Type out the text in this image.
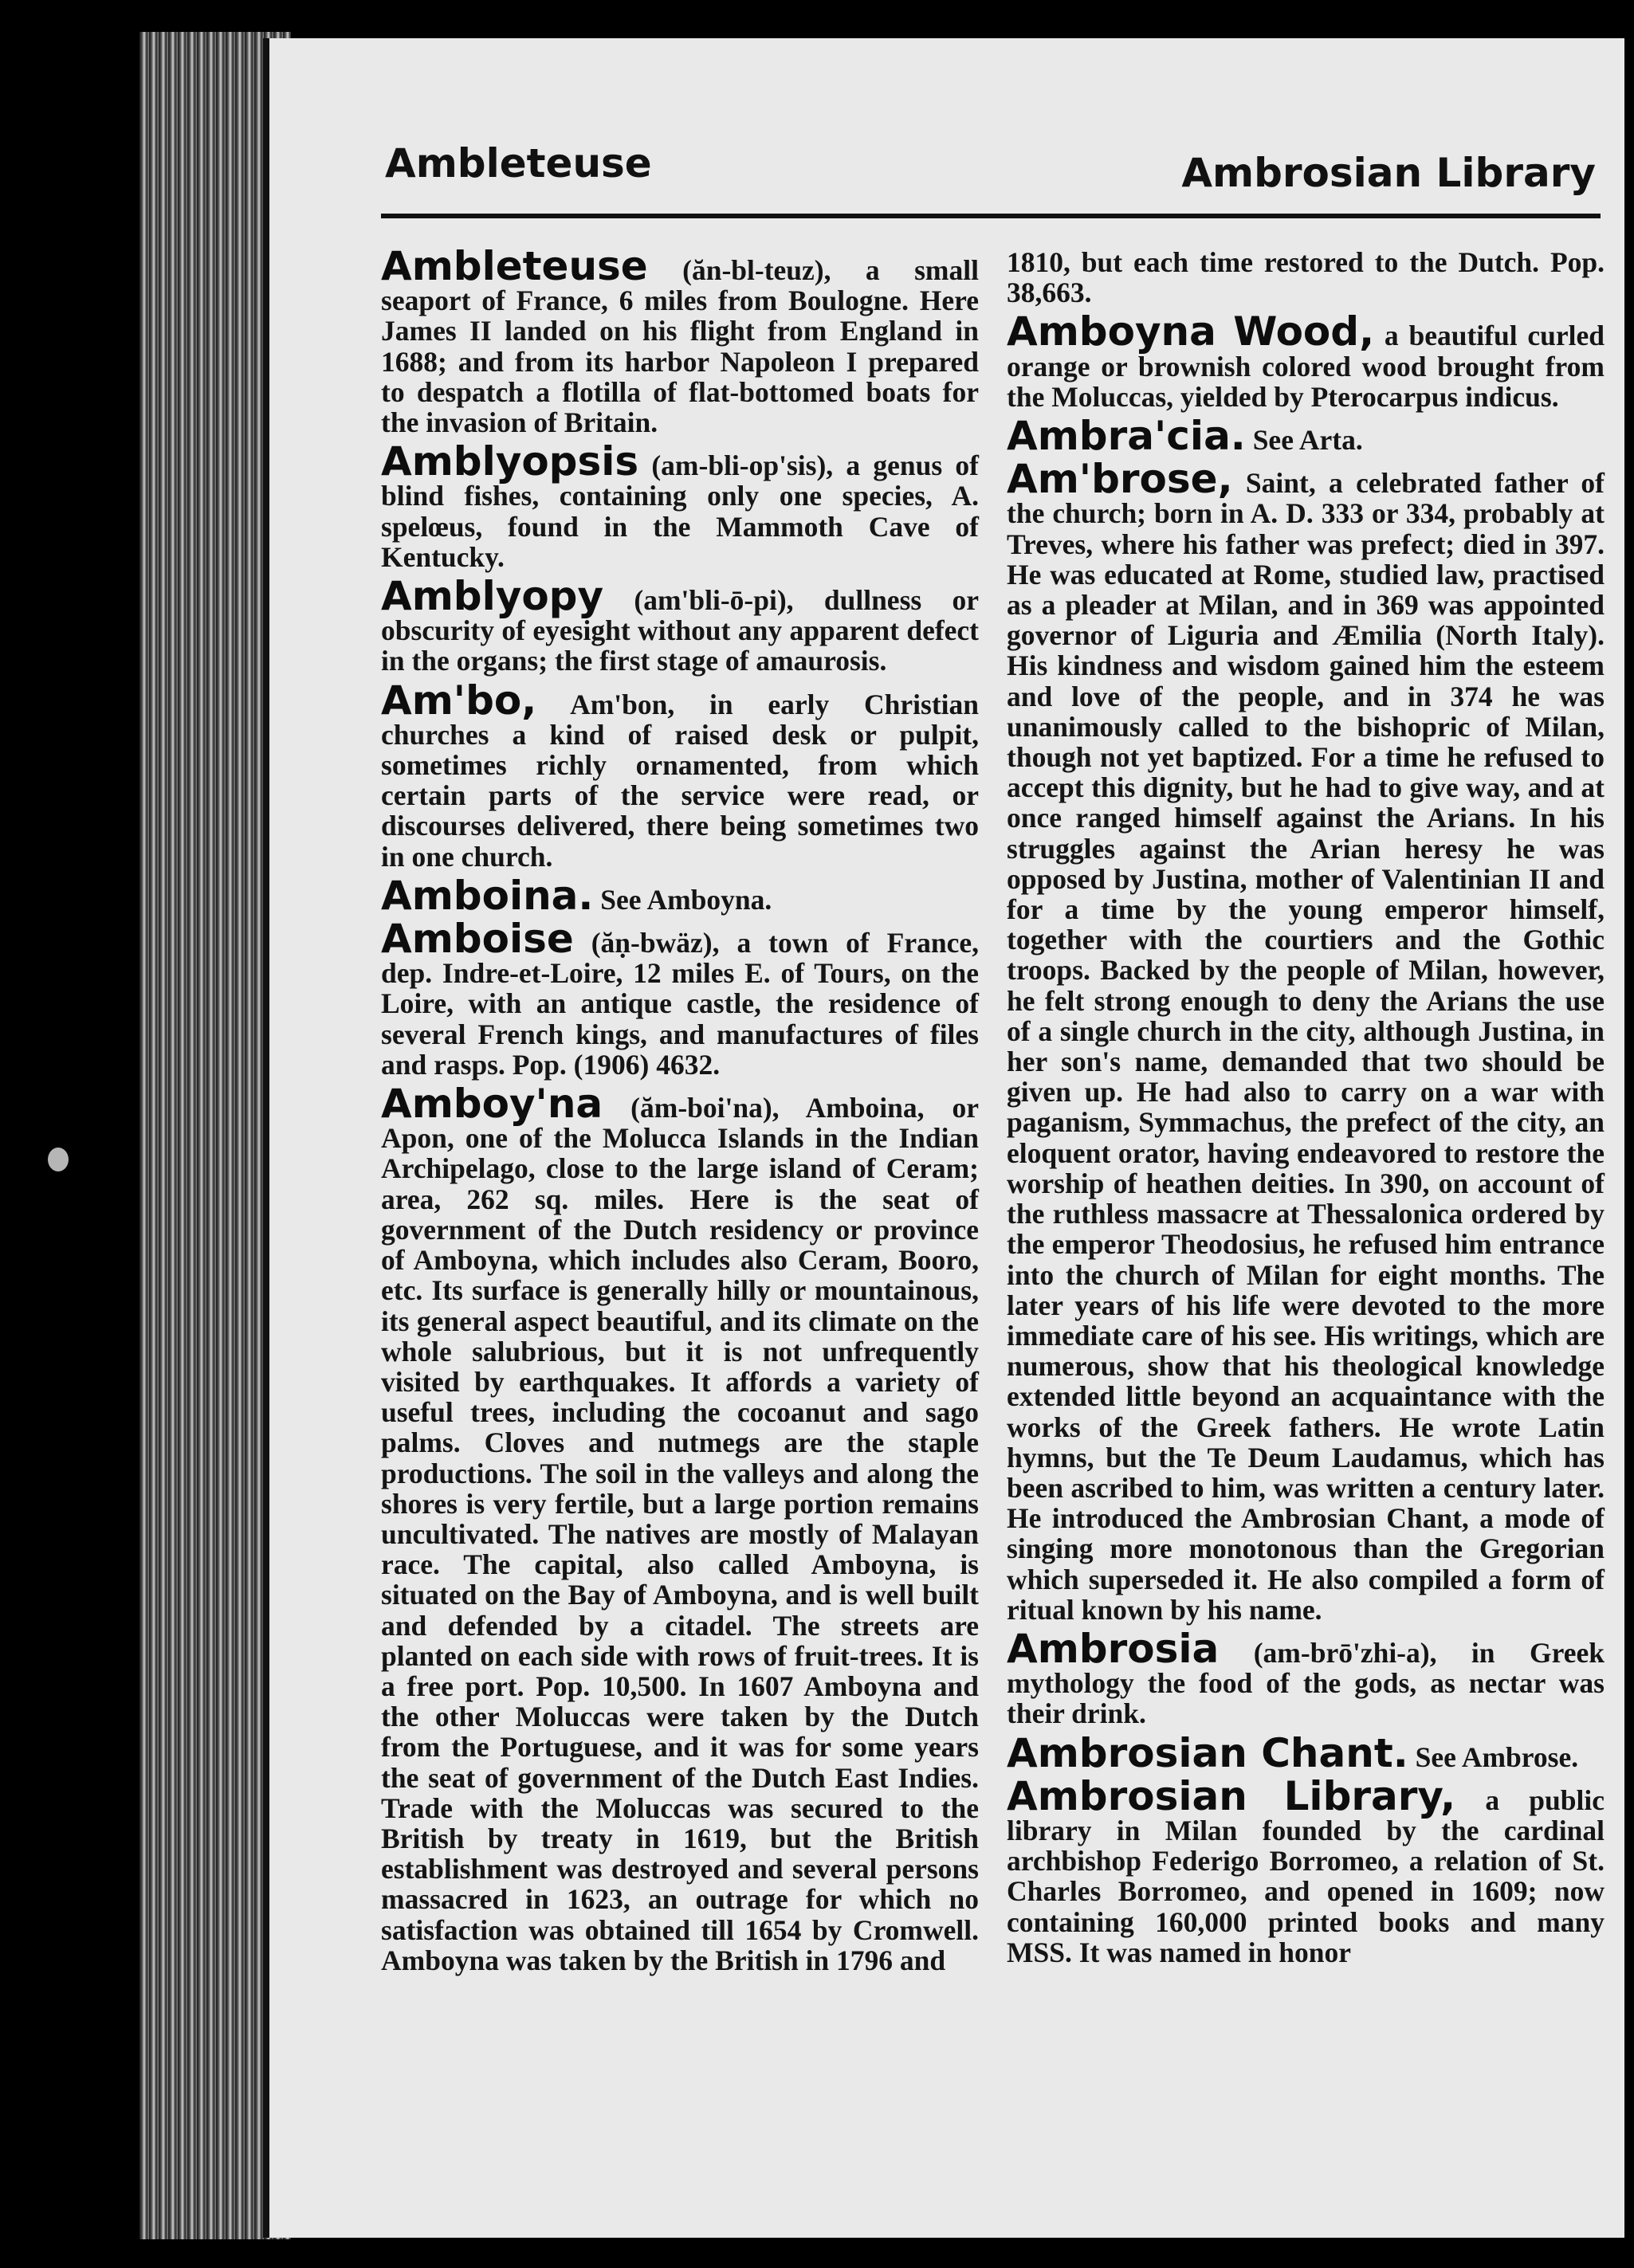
Ambleteuse	Ambrosian Library

Ambleteuse (ăn-bl-teuz), a small seaport of France, 6 miles from Boulogne. Here James II landed on his flight from England in 1688; and from its harbor Napoleon I prepared to despatch a flotilla of flat-bottomed boats for the invasion of Britain.

Amblyopsis (am-bli-op'sis), a genus of blind fishes, containing only one species, A. spelœus, found in the Mammoth Cave of Kentucky.

Amblyopy (am'bli-ō-pi), dullness or obscurity of eyesight without any apparent defect in the organs; the first stage of amaurosis.

Am'bo, Am'bon, in early Christian churches a kind of raised desk or pulpit, sometimes richly ornamented, from which certain parts of the service were read, or discourses delivered, there being sometimes two in one church.

Amboina. See Amboyna.

Amboise (ăṇ-bwäz), a town of France, dep. Indre-et-Loire, 12 miles E. of Tours, on the Loire, with an antique castle, the residence of several French kings, and manufactures of files and rasps. Pop. (1906) 4632.

Amboy'na (ăm-boi'na), Amboina, or Apon, one of the Molucca Islands in the Indian Archipelago, close to the large island of Ceram; area, 262 sq. miles. Here is the seat of government of the Dutch residency or province of Amboyna, which includes also Ceram, Booro, etc. Its surface is generally hilly or mountainous, its general aspect beautiful, and its climate on the whole salubrious, but it is not unfrequently visited by earthquakes. It affords a variety of useful trees, including the cocoanut and sago palms. Cloves and nutmegs are the staple productions. The soil in the valleys and along the shores is very fertile, but a large portion remains uncultivated. The natives are mostly of Malayan race. The capital, also called Amboyna, is situated on the Bay of Amboyna, and is well built and defended by a citadel. The streets are planted on each side with rows of fruit-trees. It is a free port. Pop. 10,500. In 1607 Amboyna and the other Moluccas were taken by the Dutch from the Portuguese, and it was for some years the seat of government of the Dutch East Indies. Trade with the Moluccas was secured to the British by treaty in 1619, but the British establishment was destroyed and several persons massacred in 1623, an outrage for which no satisfaction was obtained till 1654 by Cromwell. Amboyna was taken by the British in 1796 and

1810, but each time restored to the Dutch. Pop. 38,663.

Amboyna Wood, a beautiful curled orange or brownish colored wood brought from the Moluccas, yielded by Pterocarpus indicus.

Ambra'cia. See Arta.

Am'brose, Saint, a celebrated father of the church; born in A. D. 333 or 334, probably at Treves, where his father was prefect; died in 397. He was educated at Rome, studied law, practised as a pleader at Milan, and in 369 was appointed governor of Liguria and Æmilia (North Italy). His kindness and wisdom gained him the esteem and love of the people, and in 374 he was unanimously called to the bishopric of Milan, though not yet baptized. For a time he refused to accept this dignity, but he had to give way, and at once ranged himself against the Arians. In his struggles against the Arian heresy he was opposed by Justina, mother of Valentinian II and for a time by the young emperor himself, together with the courtiers and the Gothic troops. Backed by the people of Milan, however, he felt strong enough to deny the Arians the use of a single church in the city, although Justina, in her son's name, demanded that two should be given up. He had also to carry on a war with paganism, Symmachus, the prefect of the city, an eloquent orator, having endeavored to restore the worship of heathen deities. In 390, on account of the ruthless massacre at Thessalonica ordered by the emperor Theodosius, he refused him entrance into the church of Milan for eight months. The later years of his life were devoted to the more immediate care of his see. His writings, which are numerous, show that his theological knowledge extended little beyond an acquaintance with the works of the Greek fathers. He wrote Latin hymns, but the Te Deum Laudamus, which has been ascribed to him, was written a century later. He introduced the Ambrosian Chant, a mode of singing more monotonous than the Gregorian which superseded it. He also compiled a form of ritual known by his name.

Ambrosia (am-brō'zhi-a), in Greek mythology the food of the gods, as nectar was their drink.

Ambrosian Chant. See Ambrose.

Ambrosian Library, a public library in Milan founded by the cardinal archbishop Federigo Borromeo, a relation of St. Charles Borromeo, and opened in 1609; now containing 160,000 printed books and many MSS. It was named in honor
